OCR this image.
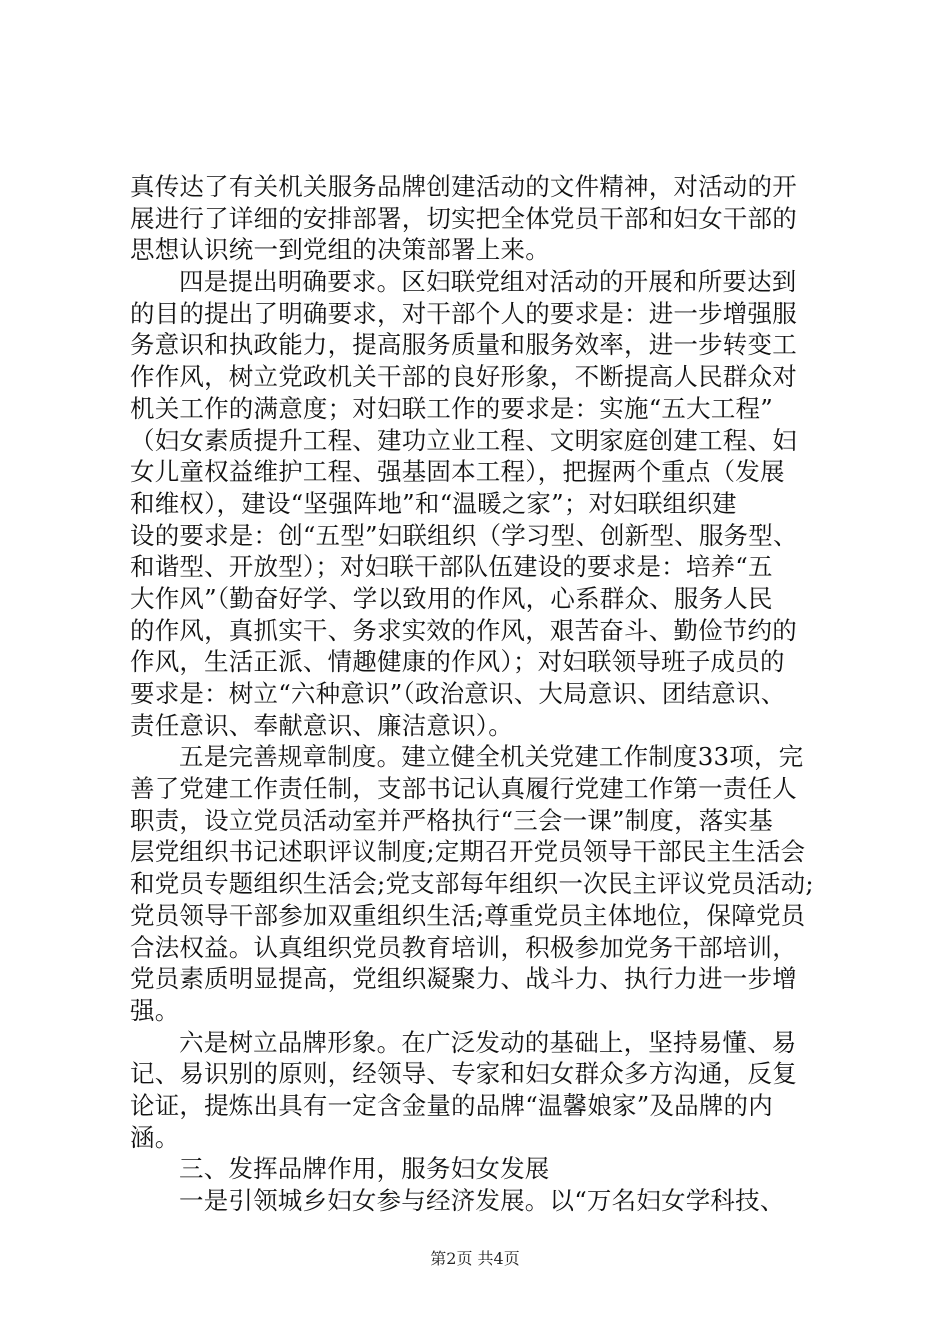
真传达了有关机关服务品牌创建活动的文件精神，对活动的开
展进行了详细的安排部署，切实把全体党员干部和妇女干部的
思想认识统一到党组的决策部署上来。
四是提出明确要求。区妇联党组对活动的开展和所要达到
的目的提出了明确要求，对干部个人的要求是：进一步增强服
务意识和执政能力，提高服务质量和服务效率，进一步转变工
作作风，树立党政机关干部的良好形象，不断提高人民群众对
机关工作的满意度；对妇联工作的要求是：实施“五大工程”
（妇女素质提升工程、建功立业工程、文明家庭创建工程、妇
女儿童权益维护工程、强基固本工程），把握两个重点（发展
和维权），建设“坚强阵地”和“温暖之家”；对妇联组织建
设的要求是：创“五型”妇联组织（学习型、创新型、服务型、
和谐型、开放型）；对妇联干部队伍建设的要求是：培养“五
大作风”（勤奋好学、学以致用的作风，心系群众、服务人民
的作风，真抓实干、务求实效的作风，艰苦奋斗、勤俭节约的
作风，生活正派、情趣健康的作风）；对妇联领导班子成员的
要求是：树立“六种意识”（政治意识、大局意识、团结意识、
责任意识、奉献意识、廉洁意识）。
五是完善规章制度。建立健全机关党建工作制度33项，完
善了党建工作责任制，支部书记认真履行党建工作第一责任人
职责，设立党员活动室并严格执行“三会一课”制度，落实基
层党组织书记述职评议制度;定期召开党员领导干部民主生活会
和党员专题组织生活会;党支部每年组织一次民主评议党员活动;
党员领导干部参加双重组织生活;尊重党员主体地位，保障党员
合法权益。认真组织党员教育培训，积极参加党务干部培训，
党员素质明显提高，党组织凝聚力、战斗力、执行力进一步增
强。
六是树立品牌形象。在广泛发动的基础上，坚持易懂、易
记、易识别的原则，经领导、专家和妇女群众多方沟通，反复
论证，提炼出具有一定含金量的品牌“温馨娘家”及品牌的内
涵。
三、发挥品牌作用，服务妇女发展
一是引领城乡妇女参与经济发展。以“万名妇女学科技、
第2页 共4页
